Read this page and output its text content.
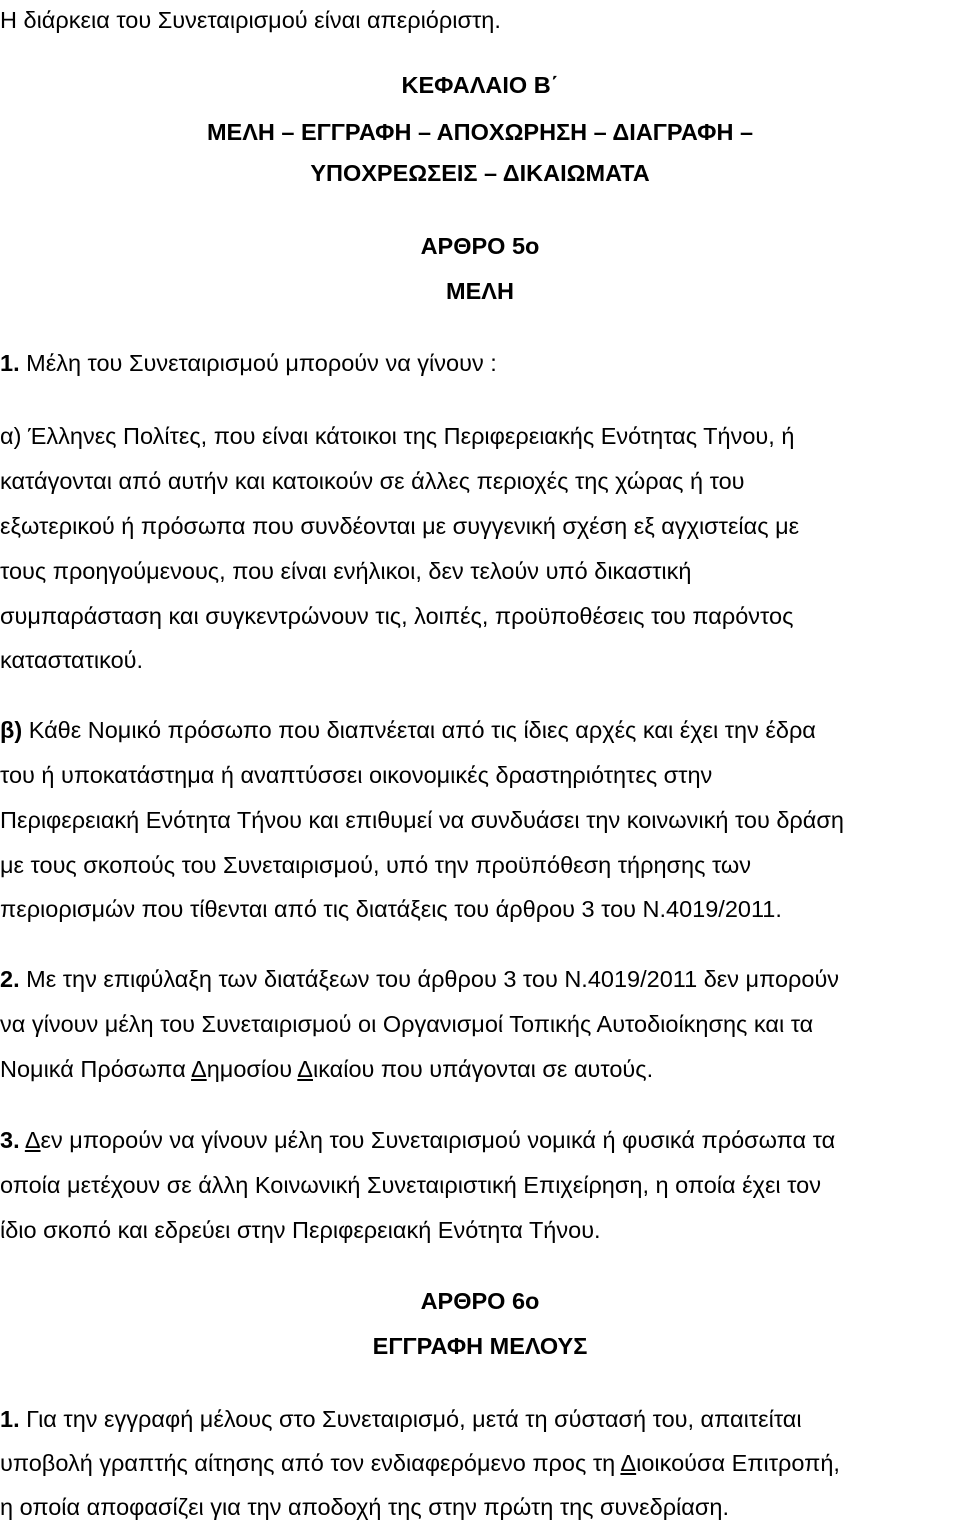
Η διάρκεια του Συνεταιρισμού είναι απεριόριστη.
ΚΕΦΑΛΑΙΟ Β΄
ΜΕΛΗ – ΕΓΓΡΑΦΗ – ΑΠΟΧΩΡΗΣΗ – ΔΙΑΓΡΑΦΗ –
ΥΠΟΧΡΕΩΣΕΙΣ – ΔΙΚΑΙΩΜΑΤΑ
ΑΡΘΡΟ 5ο
ΜΕΛΗ
1. Μέλη του Συνεταιρισμού μπορούν να γίνουν :
α) Έλληνες Πολίτες, που είναι κάτοικοι της Περιφερειακής Ενότητας Τήνου, ή
κατάγονται από αυτήν και κατοικούν σε άλλες περιοχές της χώρας ή του
εξωτερικού ή πρόσωπα που συνδέονται με συγγενική σχέση εξ αγχιστείας με
τους προηγούμενους, που είναι ενήλικοι, δεν τελούν υπό δικαστική
συμπαράσταση και συγκεντρώνουν τις, λοιπές, προϋποθέσεις του παρόντος
καταστατικού.
β) Κάθε Νομικό πρόσωπο που διαπνέεται από τις ίδιες αρχές και έχει την έδρα
του ή υποκατάστημα ή αναπτύσσει οικονομικές δραστηριότητες στην
Περιφερειακή Ενότητα Τήνου και επιθυμεί να συνδυάσει την κοινωνική του δράση
με τους σκοπούς του Συνεταιρισμού, υπό την προϋπόθεση τήρησης των
περιορισμών που τίθενται από τις διατάξεις του άρθρου 3 του Ν.4019/2011.
2. Με την επιφύλαξη των διατάξεων του άρθρου 3 του Ν.4019/2011 δεν μπορούν
να γίνουν μέλη του Συνεταιρισμού οι Οργανισμοί Τοπικής Αυτοδιοίκησης και τα
Νομικά Πρόσωπα Δημοσίου Δικαίου που υπάγονται σε αυτούς.
3. Δεν μπορούν να γίνουν μέλη του Συνεταιρισμού νομικά ή φυσικά πρόσωπα τα
οποία μετέχουν σε άλλη Κοινωνική Συνεταιριστική Επιχείρηση, η οποία έχει τον
ίδιο σκοπό και εδρεύει στην Περιφερειακή Ενότητα Τήνου.
ΑΡΘΡΟ 6ο
ΕΓΓΡΑΦΗ ΜΕΛΟΥΣ
1. Για την εγγραφή μέλους στο Συνεταιρισμό, μετά τη σύστασή του, απαιτείται
υποβολή γραπτής αίτησης από τον ενδιαφερόμενο προς τη Διοικούσα Επιτροπή,
η οποία αποφασίζει για την αποδοχή της στην πρώτη της συνεδρίαση.
